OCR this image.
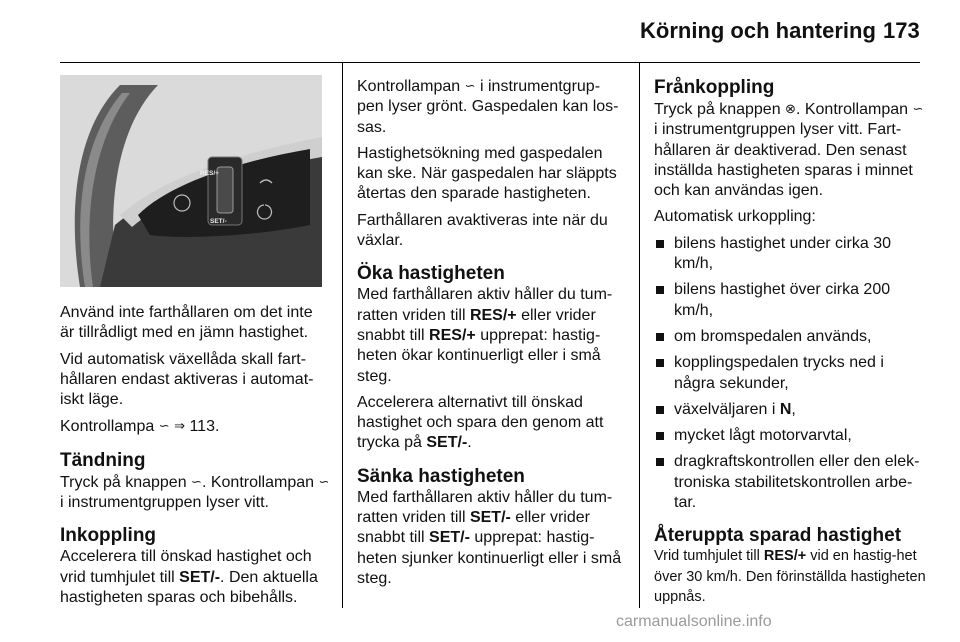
Körning och hantering 173
RES/+
SET/-

Använd inte farthållaren om det inte är tillrådligt med en jämn hastighet.

Vid automatisk växellåda skall fart-hållaren endast aktiveras i automat-iskt läge.

Kontrollampa ∽ ⇒ 113.

Tändning

Tryck på knappen ∽. Kontrollampan ∽ i instrumentgruppen lyser vitt.

Inkoppling

Accelerera till önskad hastighet och vrid tumhjulet till SET/-. Den aktuella hastigheten sparas och bibehålls.

Kontrollampan ∽ i instrumentgrup-pen lyser grönt. Gaspedalen kan los-sas.

Hastighetsökning med gaspedalen kan ske. När gaspedalen har släppts återtas den sparade hastigheten.

Farthållaren avaktiveras inte när du växlar.

Öka hastigheten

Med farthållaren aktiv håller du tum-ratten vriden till RES/+ eller vrider snabbt till RES/+ upprepat: hastig-heten ökar kontinuerligt eller i små steg.

Accelerera alternativt till önskad hastighet och spara den genom att trycka på SET/-.

Sänka hastigheten

Med farthållaren aktiv håller du tum-ratten vriden till SET/- eller vrider snabbt till SET/- upprepat: hastig-heten sjunker kontinuerligt eller i små steg.

Frånkoppling

Tryck på knappen ⊗. Kontrollampan ∽ i instrumentgruppen lyser vitt. Fart-hållaren är deaktiverad. Den senast inställda hastigheten sparas i minnet och kan användas igen.

Automatisk urkoppling:

bilens hastighet under cirka 30 km/h,
bilens hastighet över cirka 200 km/h,
om bromspedalen används,
kopplingspedalen trycks ned i några sekunder,
växelväljaren i N,
mycket lågt motorvarvtal,
dragkraftskontrollen eller den elek-troniska stabilitetskontrollen arbe-tar.
Återuppta sparad hastighet

Vrid tumhjulet till RES/+ vid en hastig-het över 30 km/h. Den förinställda hastigheten uppnås.

carmanualsonline.info
